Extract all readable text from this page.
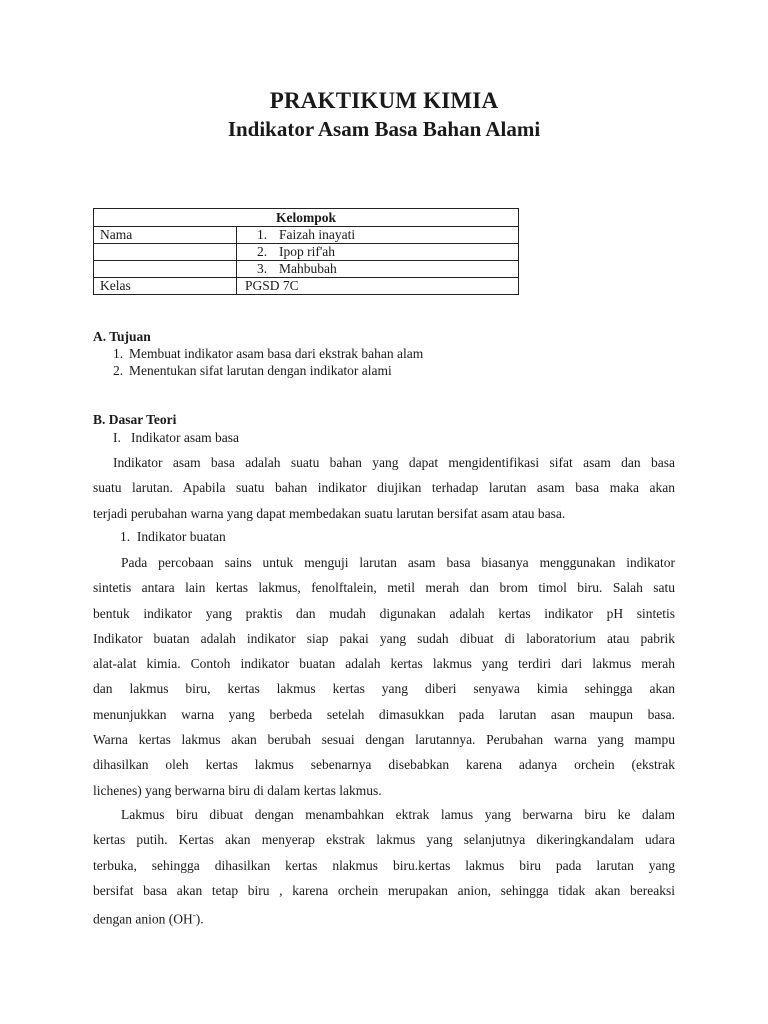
PRAKTIKUM KIMIA
Indikator Asam Basa Bahan Alami
Kelompok	
Nama	1. Faizah inayati
	2. Ipop rif'ah
	3. Mahbubah
Kelas	PGSD 7C
A. Tujuan
1. Membuat indikator asam basa dari ekstrak bahan alam
2. Menentukan sifat larutan dengan indikator alami
B. Dasar Teori
I.   Indikator asam basa
Indikator asam basa adalah suatu bahan yang dapat mengidentifikasi sifat asam dan basa
suatu larutan. Apabila suatu bahan indikator diujikan terhadap larutan asam basa maka akan
terjadi perubahan warna yang dapat membedakan suatu larutan bersifat asam atau basa.
1.  Indikator buatan
Pada percobaan sains untuk menguji larutan asam basa biasanya menggunakan indikator
sintetis antara lain kertas lakmus, fenolftalein, metil merah dan brom timol biru. Salah satu
bentuk indikator yang praktis dan mudah digunakan adalah kertas indikator pH sintetis
Indikator buatan adalah indikator siap pakai yang sudah dibuat di laboratorium atau pabrik
alat-alat kimia. Contoh indikator buatan adalah kertas lakmus yang terdiri dari lakmus merah
dan lakmus biru, kertas lakmus kertas yang diberi senyawa kimia sehingga akan
menunjukkan warna yang berbeda setelah dimasukkan pada larutan asan maupun basa.
Warna kertas lakmus akan berubah sesuai dengan larutannya. Perubahan warna yang mampu
dihasilkan oleh kertas lakmus sebenarnya disebabkan karena adanya orchein (ekstrak
lichenes) yang berwarna biru di dalam kertas lakmus.
Lakmus biru dibuat dengan menambahkan ektrak lamus yang berwarna biru ke dalam
kertas putih. Kertas akan menyerap ekstrak lakmus yang selanjutnya dikeringkandalam udara
terbuka, sehingga dihasilkan kertas nlakmus biru.kertas lakmus biru pada larutan yang
bersifat basa akan tetap biru , karena orchein merupakan anion, sehingga tidak akan bereaksi
dengan anion (OH-).
